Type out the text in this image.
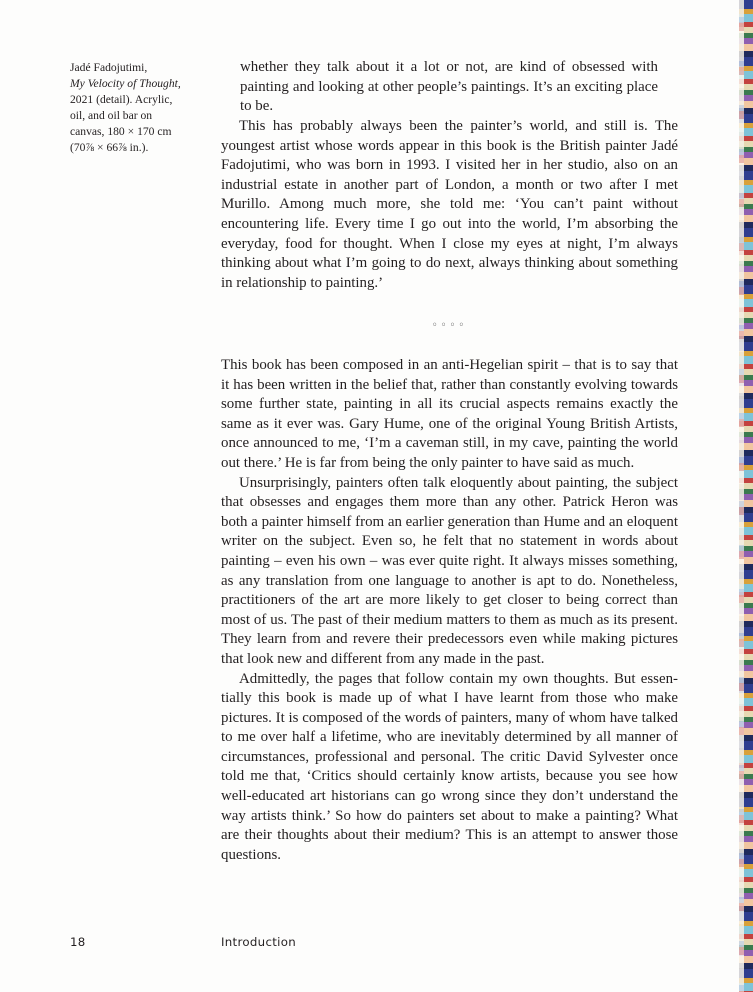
Jadé Fadojutimi,
My Velocity of Thought,
2021 (detail). Acrylic,
oil, and oil bar on
canvas, 180 × 170 cm
(70⅞ × 66⅞ in.).

whether they talk about it a lot or not, are kind of obsessed with painting and looking at other people’s paintings. It’s an exciting place to be.

This has probably always been the painter’s world, and still is. The youngest artist whose words appear in this book is the British painter Jadé Fadojutimi, who was born in 1993. I visited her in her studio, also on an industrial estate in another part of London, a month or two after I met Murillo. Among much more, she told me: ‘You can’t paint without encountering life. Every time I go out into the world, I’m absorbing the everyday, food for thought. When I close my eyes at night, I’m always thinking about what I’m going to do next, always thinking about something in relationship to painting.’

◦◦◦◦

This book has been composed in an anti-Hegelian spirit – that is to say that it has been written in the belief that, rather than constantly evolving towards some further state, painting in all its crucial aspects remains exactly the same as it ever was. Gary Hume, one of the original Young British Artists, once announced to me, ‘I’m a caveman still, in my cave, painting the world out there.’ He is far from being the only painter to have said as much.

Unsurprisingly, painters often talk eloquently about painting, the subject that obsesses and engages them more than any other. Patrick Heron was both a painter himself from an earlier generation than Hume and an eloquent writer on the subject. Even so, he felt that no statement in words about painting – even his own – was ever quite right. It always misses something, as any translation from one language to another is apt to do. Nonetheless, practitioners of the art are more likely to get closer to being correct than most of us. The past of their medium matters to them as much as its present. They learn from and revere their predecessors even while making pictures that look new and different from any made in the past.

Admittedly, the pages that follow contain my own thoughts. But essentially this book is made up of what I have learnt from those who make pictures. It is composed of the words of painters, many of whom have talked to me over half a lifetime, who are inevitably determined by all manner of circumstances, professional and personal. The critic David Sylvester once told me that, ‘Critics should certainly know artists, because you see how well-educated art historians can go wrong since they don’t understand the way artists think.’ So how do painters set about to make a painting? What are their thoughts about their medium? This is an attempt to answer those questions.

18	Introduction
